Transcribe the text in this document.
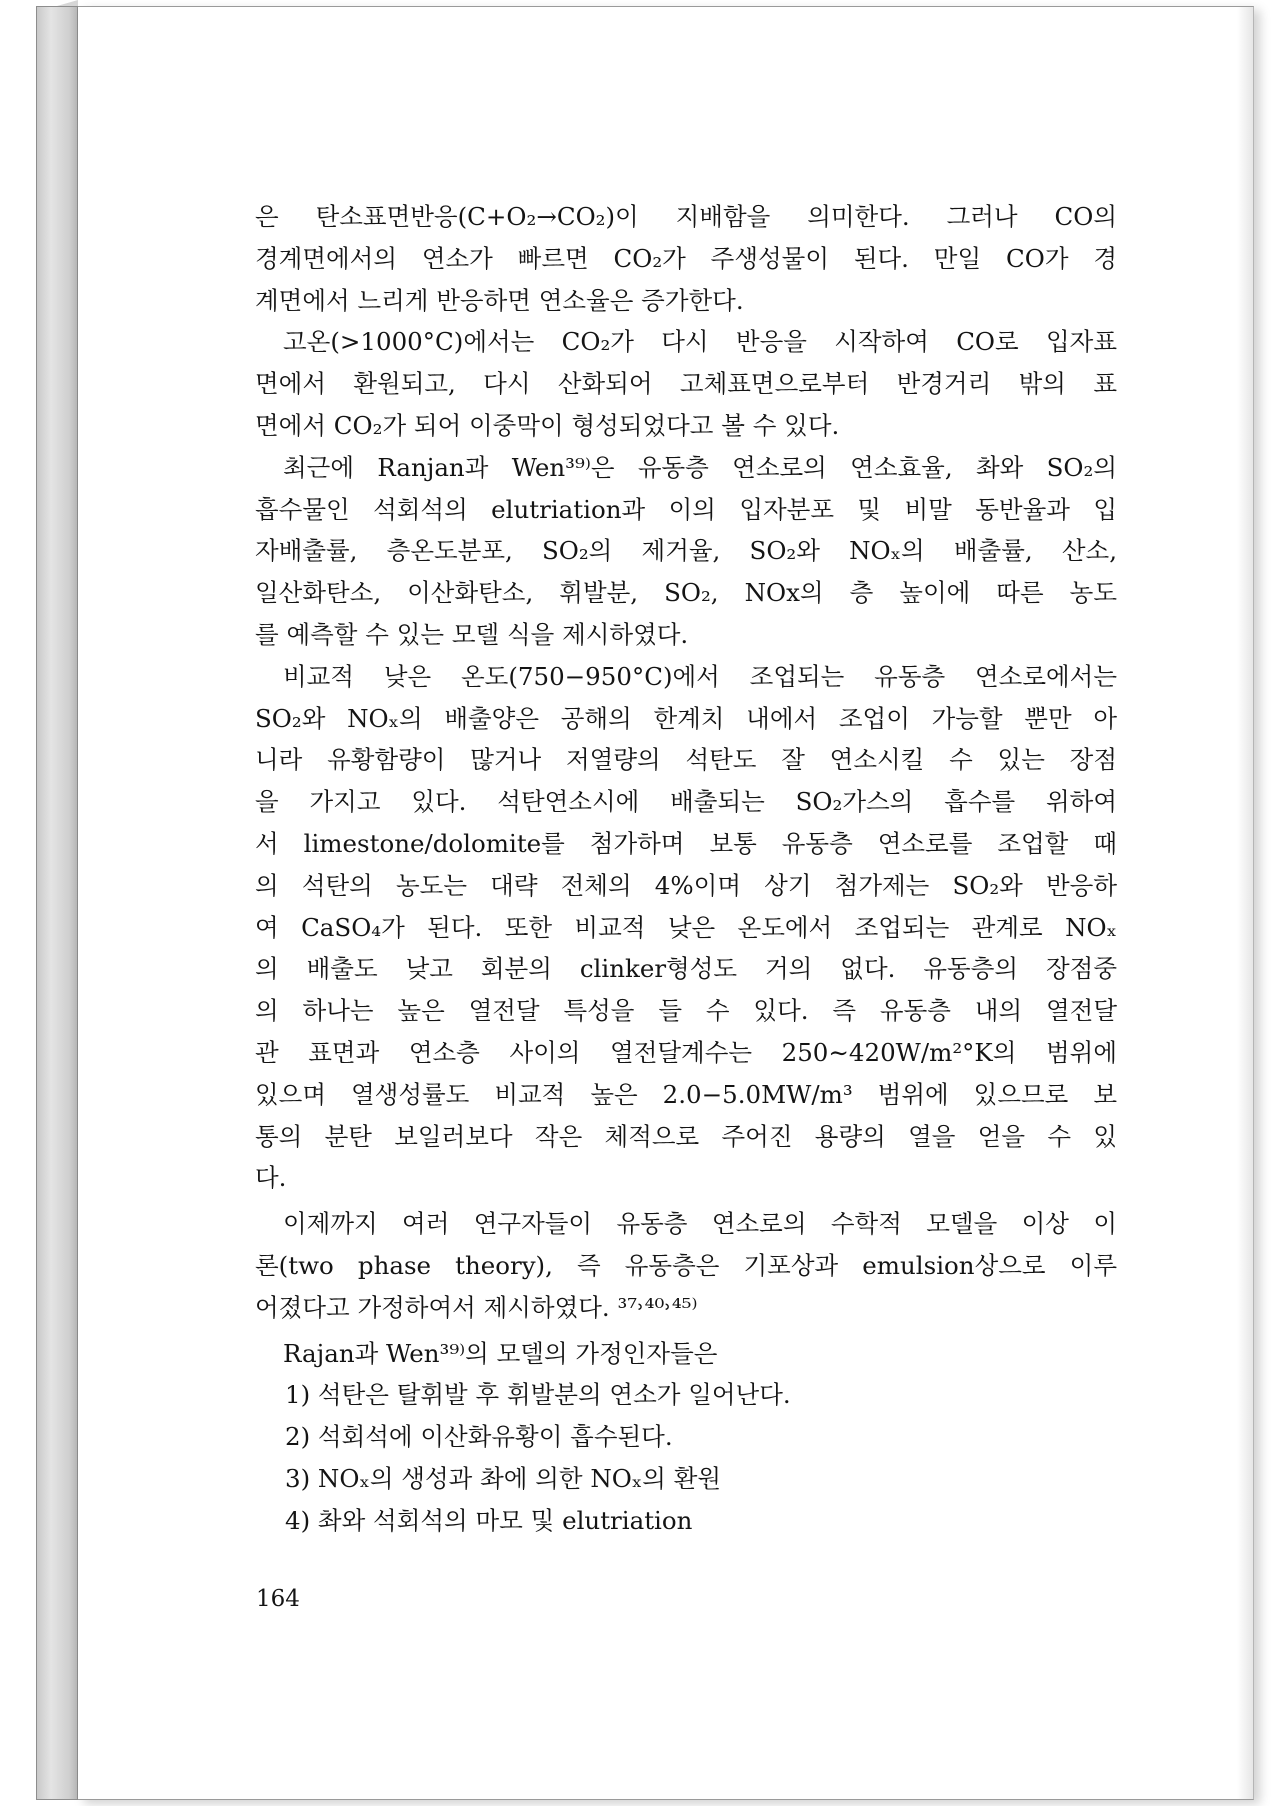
은 탄소표면반응(C+O₂→CO₂)이 지배함을 의미한다. 그러나 CO의
경계면에서의 연소가 빠르면 CO₂가 주생성물이 된다. 만일 CO가 경
계면에서 느리게 반응하면 연소율은 증가한다.
고온(>1000°C)에서는 CO₂가 다시 반응을 시작하여 CO로 입자표
면에서 환원되고, 다시 산화되어 고체표면으로부터 반경거리 밖의 표
면에서 CO₂가 되어 이중막이 형성되었다고 볼 수 있다.
최근에 Ranjan과 Wen³⁹⁾은 유동층 연소로의 연소효율, 촤와 SO₂의
흡수물인 석회석의 elutriation과 이의 입자분포 및 비말 동반율과 입
자배출률, 층온도분포, SO₂의 제거율, SO₂와 NOₓ의 배출률, 산소,
일산화탄소, 이산화탄소, 휘발분, SO₂, NOx의 층 높이에 따른 농도
를 예측할 수 있는 모델 식을 제시하였다.
비교적 낮은 온도(750−950°C)에서 조업되는 유동층 연소로에서는
SO₂와 NOₓ의 배출양은 공해의 한계치 내에서 조업이 가능할 뿐만 아
니라 유황함량이 많거나 저열량의 석탄도 잘 연소시킬 수 있는 장점
을 가지고 있다. 석탄연소시에 배출되는 SO₂가스의 흡수를 위하여
서 limestone/dolomite를 첨가하며 보통 유동층 연소로를 조업할 때
의 석탄의 농도는 대략 전체의 4%이며 상기 첨가제는 SO₂와 반응하
여 CaSO₄가 된다. 또한 비교적 낮은 온도에서 조업되는 관계로 NOₓ
의 배출도 낮고 회분의 clinker형성도 거의 없다. 유동층의 장점중
의 하나는 높은 열전달 특성을 들 수 있다. 즉 유동층 내의 열전달
관 표면과 연소층 사이의 열전달계수는 250∼420W/m²°K의 범위에
있으며 열생성률도 비교적 높은 2.0−5.0MW/m³ 범위에 있으므로 보
통의 분탄 보일러보다 작은 체적으로 주어진 용량의 열을 얻을 수 있
다.
이제까지 여러 연구자들이 유동층 연소로의 수학적 모델을 이상 이
론(two phase theory), 즉 유동층은 기포상과 emulsion상으로 이루
어졌다고 가정하여서 제시하였다. ³⁷˒⁴⁰˒⁴⁵⁾
Rajan과 Wen³⁹⁾의 모델의 가정인자들은
1) 석탄은 탈휘발 후 휘발분의 연소가 일어난다.
2) 석회석에 이산화유황이 흡수된다.
3) NOₓ의 생성과 촤에 의한 NOₓ의 환원
4) 촤와 석회석의 마모 및 elutriation
164
